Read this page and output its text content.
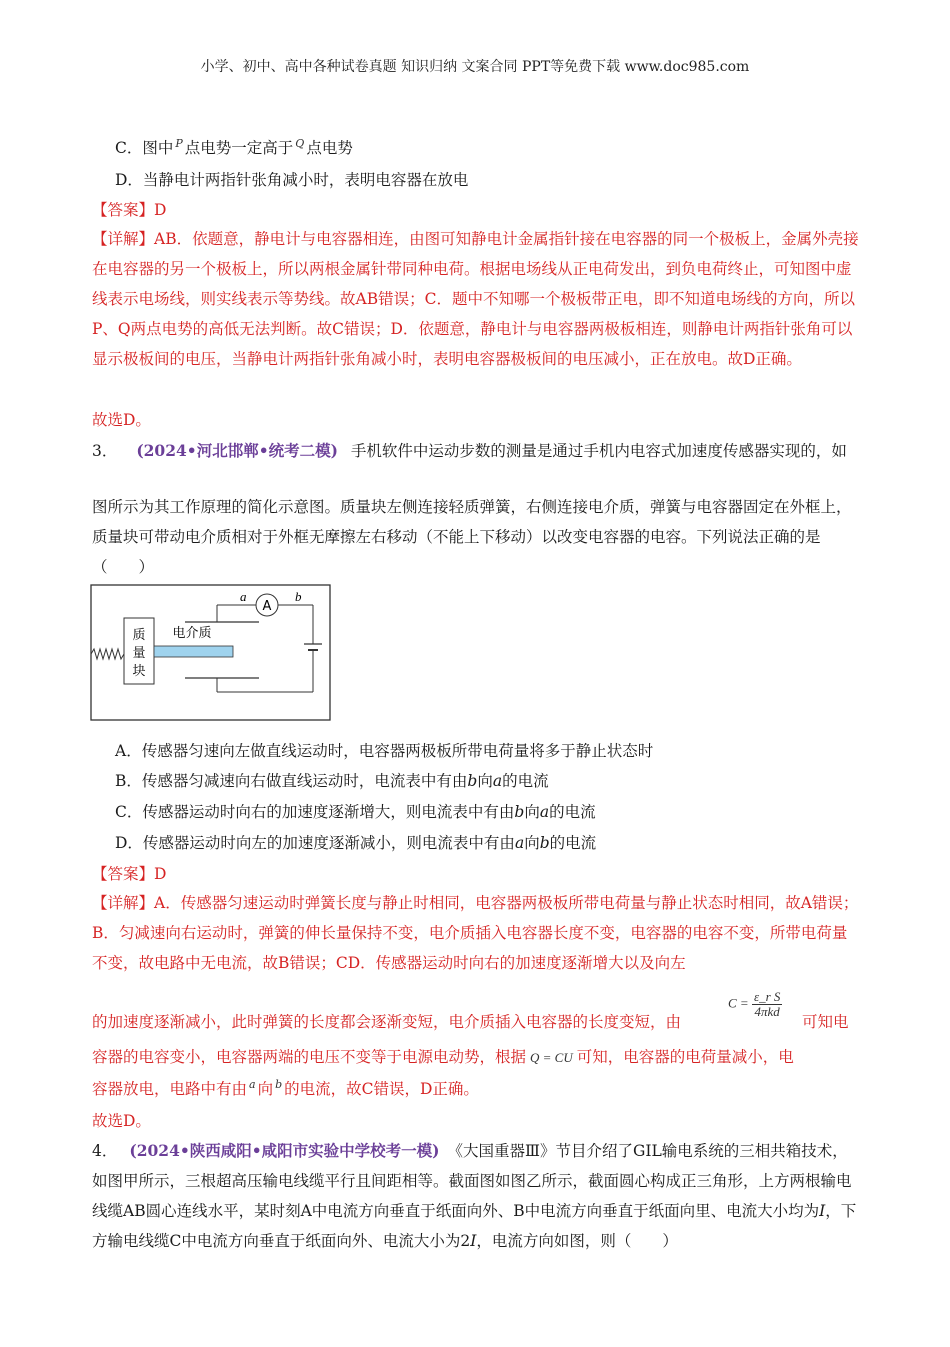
小学、初中、高中各种试卷真题 知识归纳 文案合同 PPT等免费下载 www.doc985.com
C．图中 $^P$ 点电势一定高于 $^Q$ 点电势
D．当静电计两指针张角减小时，表明电容器在放电
【答案】D
【详解】AB．依题意，静电计与电容器相连，由图可知静电计金属指针接在电容器的同一个极板上，金属外壳接在电容器的另一个极板上，所以两根金属针带同种电荷。根据电场线从正电荷发出，到负电荷终止，可知图中虚线表示电场线，则实线表示等势线。故AB错误；C．题中不知哪一个极板带正电，即不知道电场线的方向，所以P、Q两点电势的高低无法判断。故C错误；D．依题意，静电计与电容器两极板相连，则静电计两指针张角可以显示极板间的电压，当静电计两指针张角减小时，表明电容器极板间的电压减小，正在放电。故D正确。
故选D。
3． (2024•河北邯郸•统考二模) 手机软件中运动步数的测量是通过手机内电容式加速度传感器实现的，如
图所示为其工作原理的简化示意图。质量块左侧连接轻质弹簧，右侧连接电介质，弹簧与电容器固定在外框上，质量块可带动电介质相对于外框无摩擦左右移动（不能上下移动）以改变电容器的电容。下列说法正确的是（　　）
质
量
块
电介质
A
a	b
A．传感器匀速向左做直线运动时，电容器两极板所带电荷量将多于静止状态时
B．传感器匀减速向右做直线运动时，电流表中有由b向a的电流
C．传感器运动时向右的加速度逐渐增大，则电流表中有由b向a的电流
D．传感器运动时向左的加速度逐渐减小，则电流表中有由a向b的电流
【答案】D
【详解】A．传感器匀速运动时弹簧长度与静止时相同，电容器两极板所带电荷量与静止状态时相同，故A错误；B．匀减速向右运动时，弹簧的伸长量保持不变，电介质插入电容器长度不变，电容器的电容不变，所带电荷量不变，故电路中无电流，故B错误；CD．传感器运动时向右的加速度逐渐增大以及向左
的加速度逐渐减小，此时弹簧的长度都会逐渐变短，电介质插入电容器的长度变短，由
$C = \frac{\text{ε\_r S}}{\text{4πkd}}$
可知电
容器的电容变小，电容器两端的电压不变等于电源电动势，根据 Q = CU 可知，电容器的电荷量减小，电
容器放电，电路中有由 $^a$ 向 $^b$ 的电流，故C错误，D正确。
故选D。
4． (2024•陕西咸阳•咸阳市实验中学校考一模) 《大国重器Ⅲ》节目介绍了GIL输电系统的三相共箱技术，如图甲所示，三根超高压输电线缆平行且间距相等。截面图如图乙所示，截面圆心构成正三角形，上方两根输电线缆AB圆心连线水平，某时刻A中电流方向垂直于纸面向外、B中电流方向垂直于纸面向里、电流大小均为I，下方输电线缆C中电流方向垂直于纸面向外、电流大小为2I，电流方向如图，则（　　）
